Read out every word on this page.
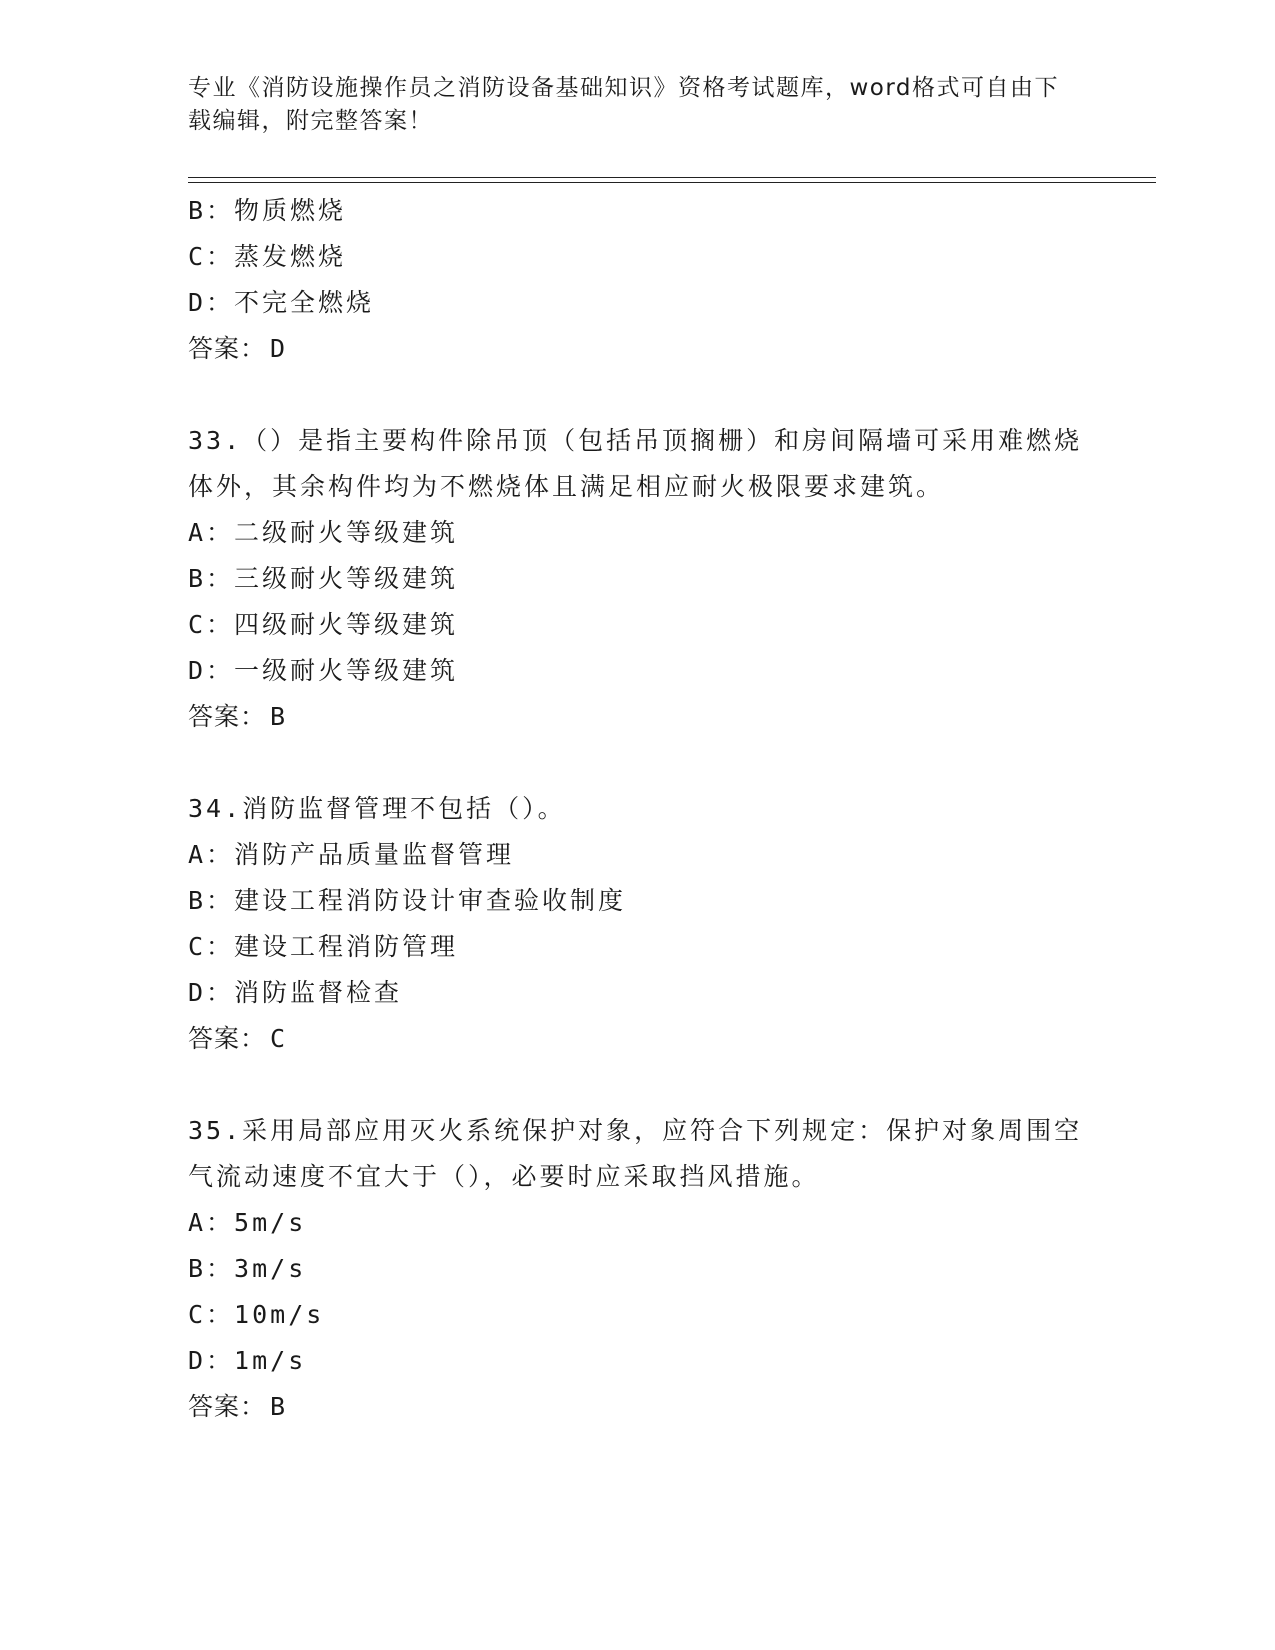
专业《消防设施操作员之消防设备基础知识》资格考试题库，word格式可自由下载编辑，附完整答案！
B：物质燃烧
C：蒸发燃烧
D：不完全燃烧
答案： D
33.（）是指主要构件除吊顶（包括吊顶搁栅）和房间隔墙可采用难燃烧体外，其余构件均为不燃烧体且满足相应耐火极限要求建筑。
A：二级耐火等级建筑
B：三级耐火等级建筑
C：四级耐火等级建筑
D：一级耐火等级建筑
答案： B
34.消防监督管理不包括（）。
A：消防产品质量监督管理
B：建设工程消防设计审查验收制度
C：建设工程消防管理
D：消防监督检查
答案： C
35.采用局部应用灭火系统保护对象，应符合下列规定：保护对象周围空气流动速度不宜大于（），必要时应采取挡风措施。
A：5m/s
B：3m/s
C：10m/s
D：1m/s
答案： B
